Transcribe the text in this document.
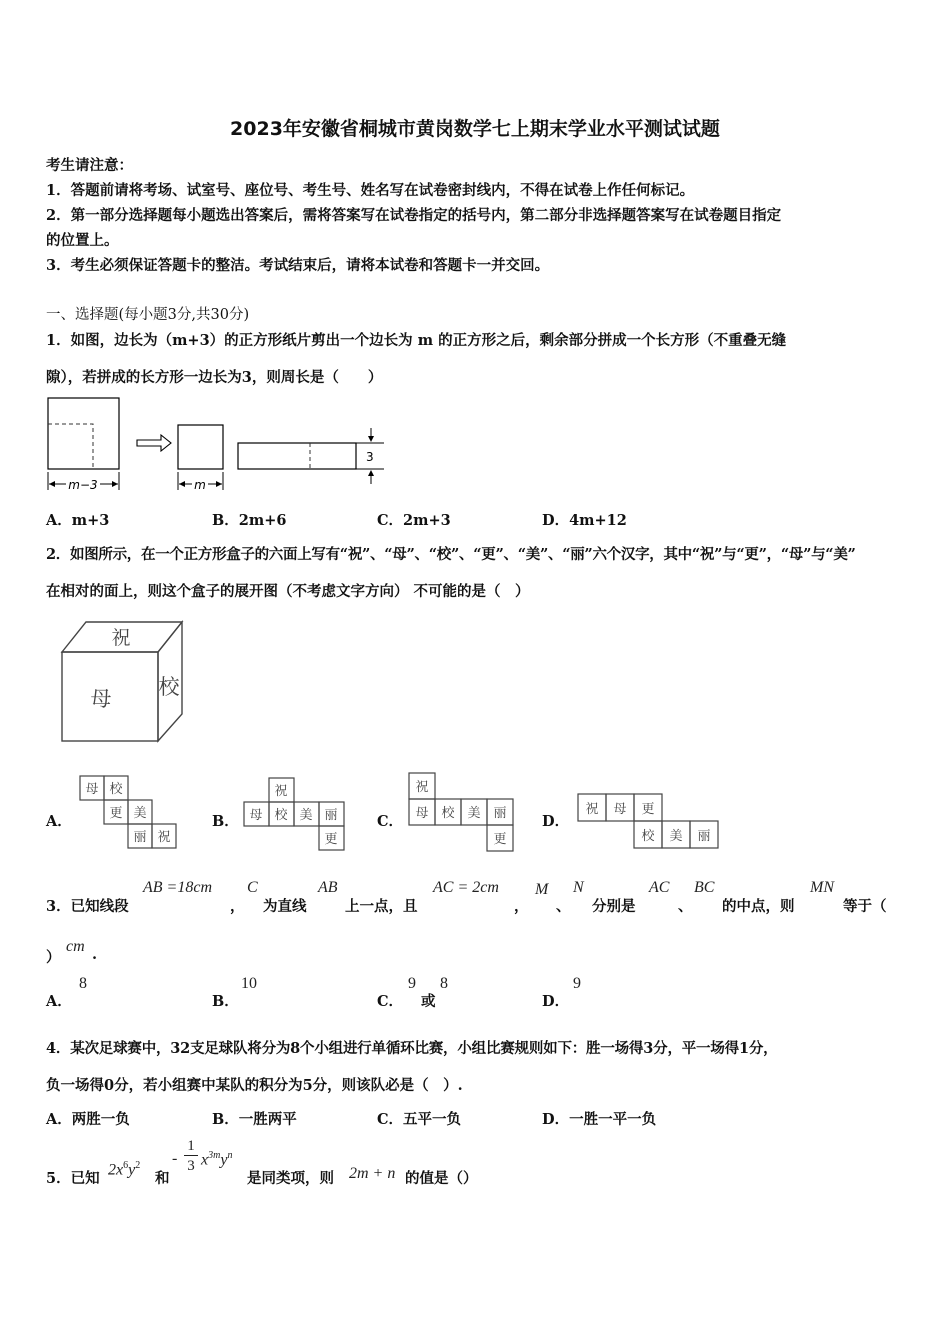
2023年安徽省桐城市黄岗数学七上期末学业水平测试试题
考生请注意：
1．答题前请将考场、试室号、座位号、考生号、姓名写在试卷密封线内，不得在试卷上作任何标记。
2．第一部分选择题每小题选出答案后，需将答案写在试卷指定的括号内，第二部分非选择题答案写在试卷题目指定
的位置上。
3．考生必须保证答题卡的整洁。考试结束后，请将本试卷和答题卡一并交回。
一、选择题(每小题3分,共30分)
1．如图，边长为（m+3）的正方形纸片剪出一个边长为 m 的正方形之后，剩余部分拼成一个长方形（不重叠无缝
隙），若拼成的长方形一边长为3，则周长是（　　）
m−3	m
3
A．m+3	B．2m+6	C．2m+3	D．4m+12
2．如图所示，在一个正方形盒子的六面上写有“祝”、“母”、“校”、“更”、“美”、“丽”六个汉字，其中“祝”与“更”，“母”与“美”
在相对的面上，则这个盒子的展开图（不考虑文字方向） 不可能的是（　）
祝
母 校
A．
母 校
更 美
丽 祝
B．
祝
母 校 美 丽
更
C．
祝
母 校 美 丽
更
D．
祝 母 更
校 美 丽
3．已知线段
AB =18cm
，
C
为直线
AB
上一点，且
AC = 2cm
，
M
、
N
分别是
AC
、
BC
的中点，则
MN
等于（
）
cm .
A．
8
B．
10
C．
9
或
8
D．
9
4．某次足球赛中，32支足球队将分为8个小组进行单循环比赛，小组比赛规则如下：胜一场得3分，平一场得1分，
负一场得0分，若小组赛中某队的积分为5分，则该队必是（　）.
A．两胜一负	B．一胜两平	C．五平一负	D．一胜一平一负
5．已知
$2x^6y^2$
和
-
1
3 $x^{3m}y^n$
是同类项，则 2m + n 的值是（）
